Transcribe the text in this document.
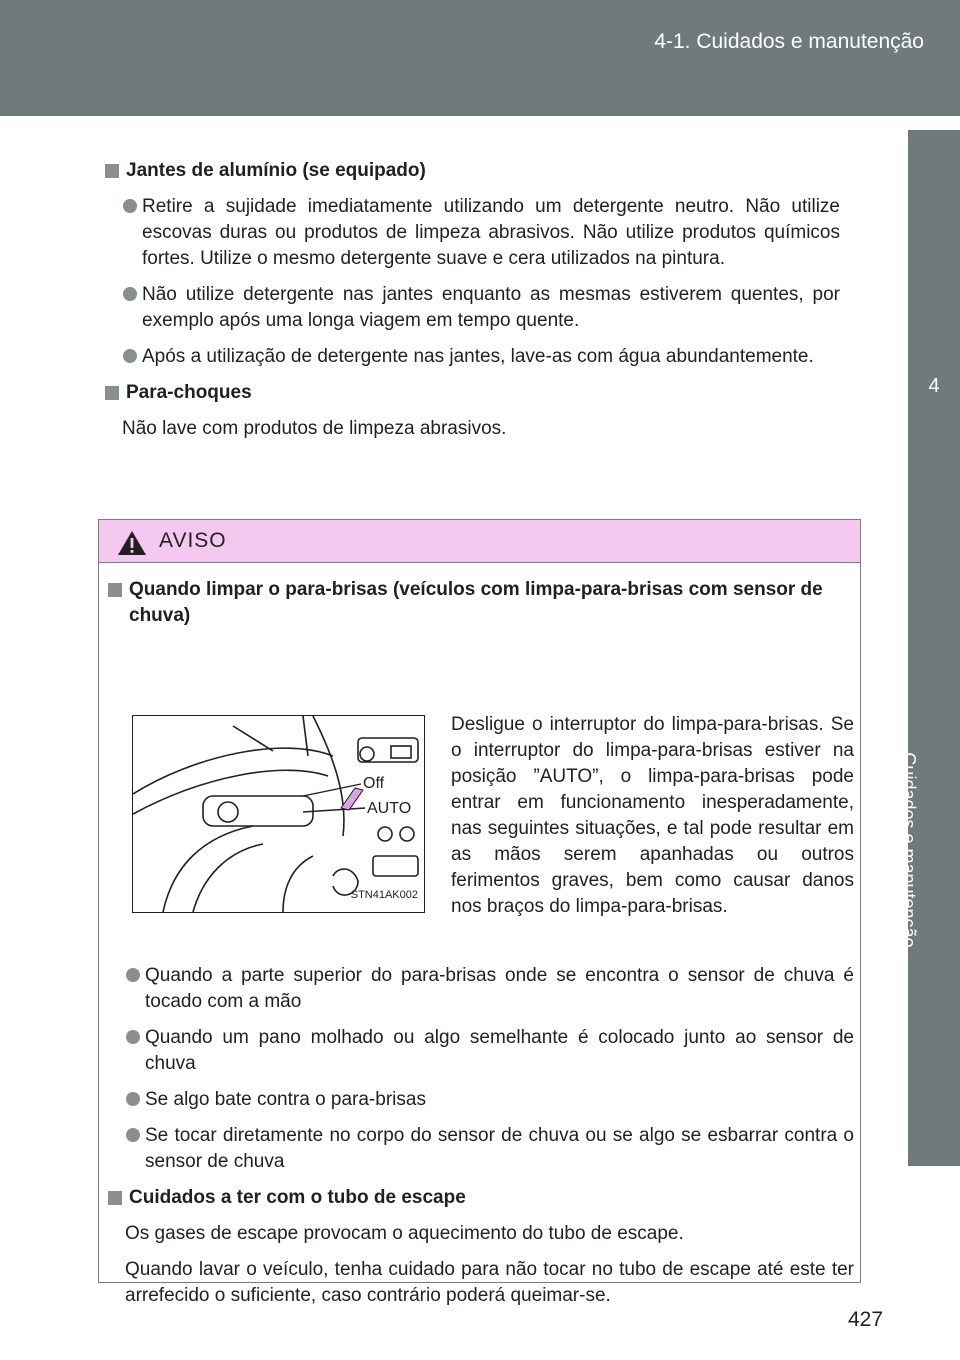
4-1. Cuidados e manutenção
4
Cuidados e manutenção
Jantes de alumínio (se equipado)
Retire a sujidade imediatamente utilizando um detergente neutro. Não utilize escovas duras ou produtos de limpeza abrasivos. Não utilize produtos químicos fortes. Utilize o mesmo detergente suave e cera utilizados na pintura.
Não utilize detergente nas jantes enquanto as mesmas estiverem quentes, por exemplo após uma longa viagem em tempo quente.
Após a utilização de detergente nas jantes, lave-as com água abundantemente.
Para-choques
Não lave com produtos de limpeza abrasivos.
AVISO
Quando limpar o para-brisas (veículos com limpa-para-brisas com sensor de chuva)
Off
AUTO
STN41AK002
Desligue o interruptor do limpa-para-brisas. Se o interruptor do limpa-para-brisas estiver na posição ”AUTO”, o limpa-para-brisas pode entrar em funcionamento inesperadamente, nas seguintes situações, e tal pode resultar em as mãos serem apanhadas ou outros ferimentos graves, bem como causar danos nos braços do limpa-para-brisas.
Quando a parte superior do para-brisas onde se encontra o sensor de chuva é tocado com a mão
Quando um pano molhado ou algo semelhante é colocado junto ao sensor de chuva
Se algo bate contra o para-brisas
Se tocar diretamente no corpo do sensor de chuva ou se algo se esbarrar contra o sensor de chuva
Cuidados a ter com o tubo de escape
Os gases de escape provocam o aquecimento do tubo de escape.
Quando lavar o veículo, tenha cuidado para não tocar no tubo de escape até este ter arrefecido o suficiente, caso contrário poderá queimar-se.
427
